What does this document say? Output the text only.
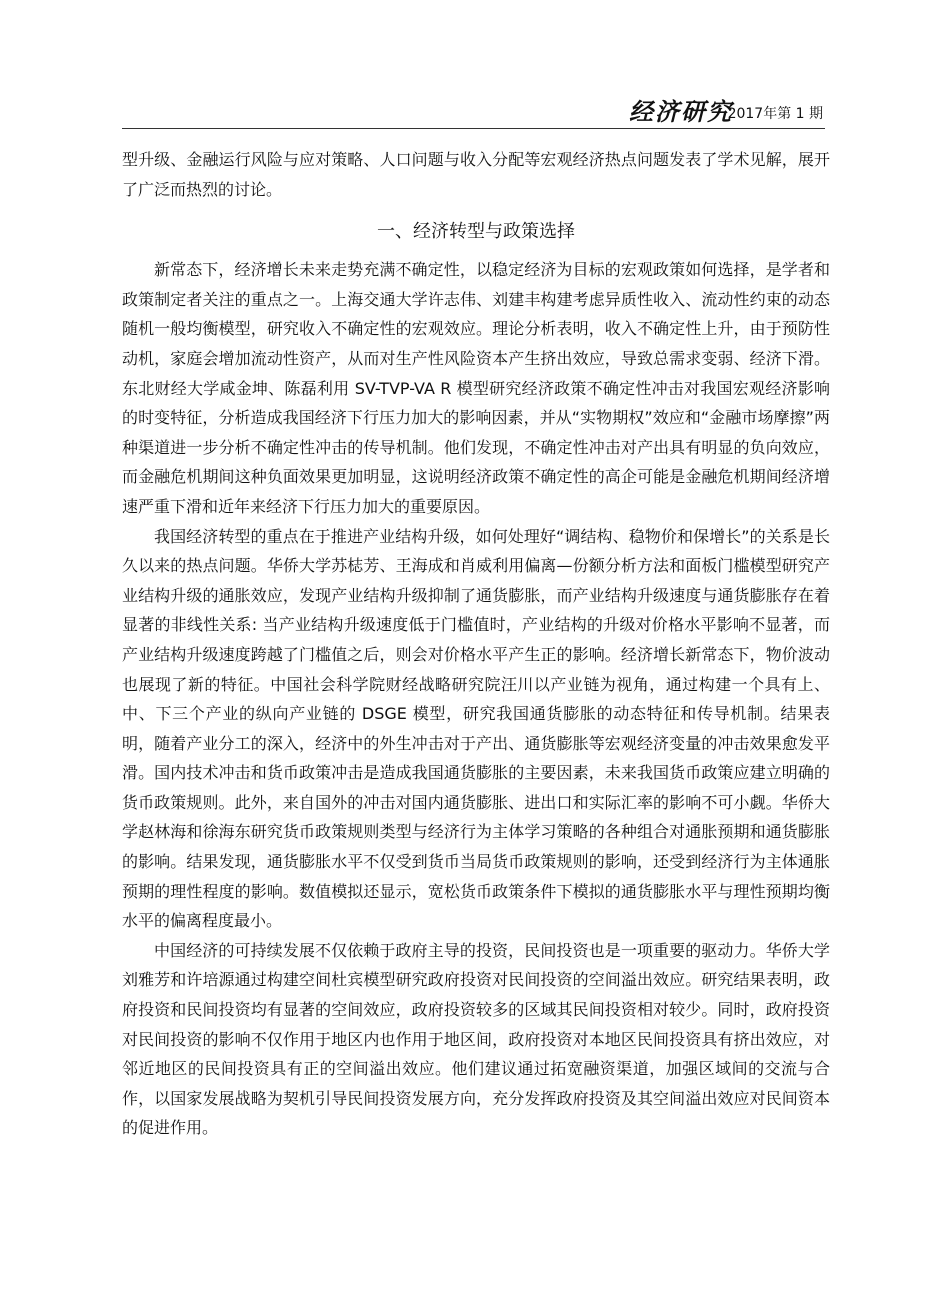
经济研究
2017年第 1 期

型升级、金融运行风险与应对策略、人口问题与收入分配等宏观经济热点问题发表了学术见解，展开了广泛而热烈的讨论。

一、经济转型与政策选择

新常态下，经济增长未来走势充满不确定性，以稳定经济为目标的宏观政策如何选择，是学者和政策制定者关注的重点之一。上海交通大学许志伟、刘建丰构建考虑异质性收入、流动性约束的动态随机一般均衡模型，研究收入不确定性的宏观效应。理论分析表明，收入不确定性上升，由于预防性动机，家庭会增加流动性资产，从而对生产性风险资本产生挤出效应，导致总需求变弱、经济下滑。东北财经大学咸金坤、陈磊利用 SV-TVP-VA R 模型研究经济政策不确定性冲击对我国宏观经济影响的时变特征，分析造成我国经济下行压力加大的影响因素，并从“实物期权”效应和“金融市场摩擦”两种渠道进一步分析不确定性冲击的传导机制。他们发现，不确定性冲击对产出具有明显的负向效应，而金融危机期间这种负面效果更加明显，这说明经济政策不确定性的高企可能是金融危机期间经济增速严重下滑和近年来经济下行压力加大的重要原因。

我国经济转型的重点在于推进产业结构升级，如何处理好“调结构、稳物价和保增长”的关系是长久以来的热点问题。华侨大学苏梽芳、王海成和肖威利用偏离—份额分析方法和面板门槛模型研究产业结构升级的通胀效应，发现产业结构升级抑制了通货膨胀，而产业结构升级速度与通货膨胀存在着显著的非线性关系: 当产业结构升级速度低于门槛值时，产业结构的升级对价格水平影响不显著，而产业结构升级速度跨越了门槛值之后，则会对价格水平产生正的影响。经济增长新常态下，物价波动也展现了新的特征。中国社会科学院财经战略研究院汪川以产业链为视角，通过构建一个具有上、中、下三个产业的纵向产业链的 DSGE 模型，研究我国通货膨胀的动态特征和传导机制。结果表明，随着产业分工的深入，经济中的外生冲击对于产出、通货膨胀等宏观经济变量的冲击效果愈发平滑。国内技术冲击和货币政策冲击是造成我国通货膨胀的主要因素，未来我国货币政策应建立明确的货币政策规则。此外，来自国外的冲击对国内通货膨胀、进出口和实际汇率的影响不可小觑。华侨大学赵林海和徐海东研究货币政策规则类型与经济行为主体学习策略的各种组合对通胀预期和通货膨胀的影响。结果发现，通货膨胀水平不仅受到货币当局货币政策规则的影响，还受到经济行为主体通胀预期的理性程度的影响。数值模拟还显示，宽松货币政策条件下模拟的通货膨胀水平与理性预期均衡水平的偏离程度最小。

中国经济的可持续发展不仅依赖于政府主导的投资，民间投资也是一项重要的驱动力。华侨大学刘雅芳和许培源通过构建空间杜宾模型研究政府投资对民间投资的空间溢出效应。研究结果表明，政府投资和民间投资均有显著的空间效应，政府投资较多的区域其民间投资相对较少。同时，政府投资对民间投资的影响不仅作用于地区内也作用于地区间，政府投资对本地区民间投资具有挤出效应，对邻近地区的民间投资具有正的空间溢出效应。他们建议通过拓宽融资渠道，加强区域间的交流与合作，以国家发展战略为契机引导民间投资发展方向，充分发挥政府投资及其空间溢出效应对民间资本的促进作用。
